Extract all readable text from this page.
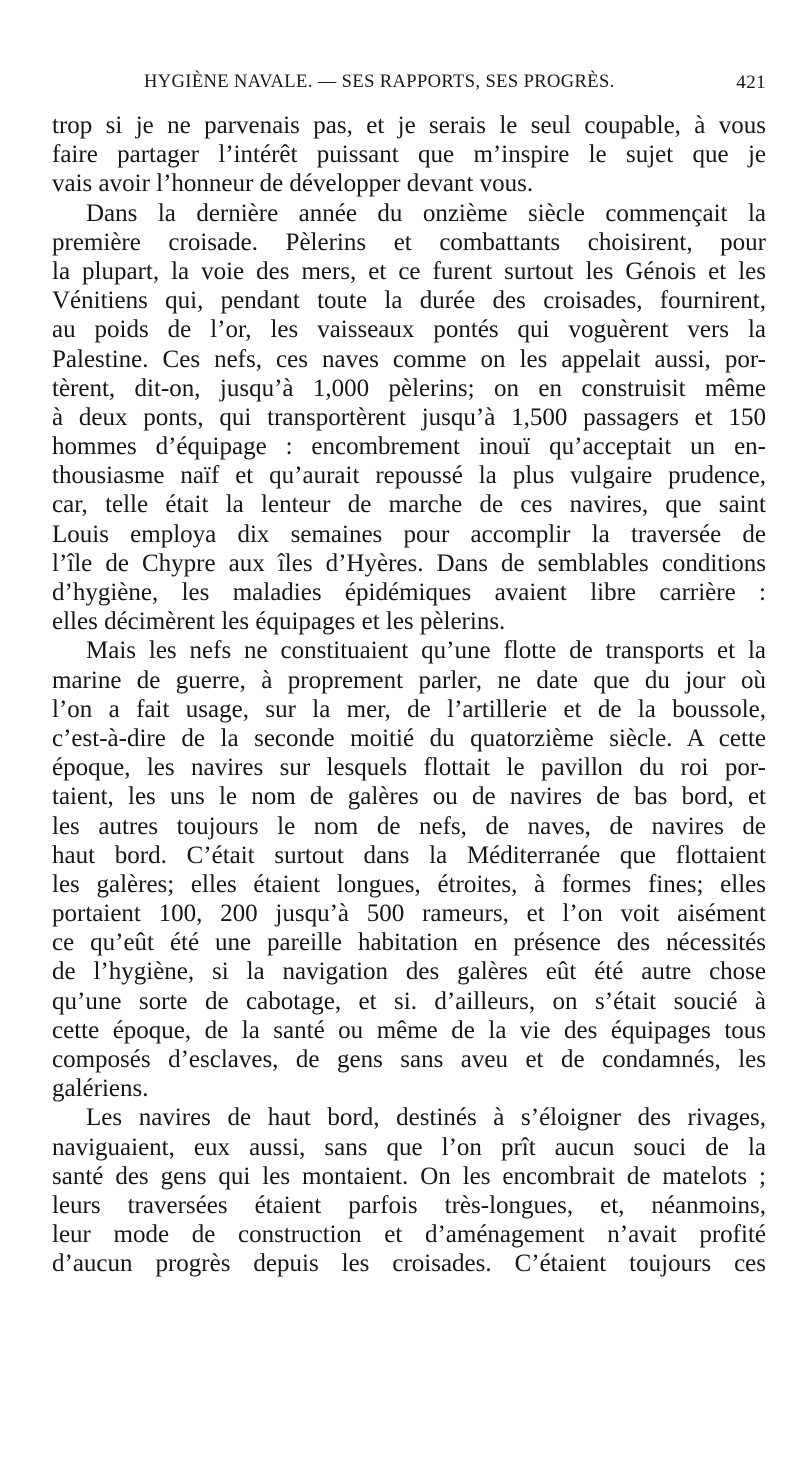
HYGIÈNE NAVALE. — SES RAPPORTS, SES PROGRÈS.	421
trop si je ne parvenais pas, et je serais le seul coupable, à vous
faire partager l’intérêt puissant que m’inspire le sujet que je
vais avoir l’honneur de développer devant vous.
Dans la dernière année du onzième siècle commençait la
première croisade. Pèlerins et combattants choisirent, pour
la plupart, la voie des mers, et ce furent surtout les Génois et les
Vénitiens qui, pendant toute la durée des croisades, fournirent,
au poids de l’or, les vaisseaux pontés qui voguèrent vers la
Palestine. Ces nefs, ces naves comme on les appelait aussi, por-
tèrent, dit-on, jusqu’à 1,000 pèlerins; on en construisit même
à deux ponts, qui transportèrent jusqu’à 1,500 passagers et 150
hommes d’équipage : encombrement inouï qu’acceptait un en-
thousiasme naïf et qu’aurait repoussé la plus vulgaire prudence,
car, telle était la lenteur de marche de ces navires, que saint
Louis employa dix semaines pour accomplir la traversée de
l’île de Chypre aux îles d’Hyères. Dans de semblables conditions
d’hygiène, les maladies épidémiques avaient libre carrière :
elles décimèrent les équipages et les pèlerins.
Mais les nefs ne constituaient qu’une flotte de transports et la
marine de guerre, à proprement parler, ne date que du jour où
l’on a fait usage, sur la mer, de l’artillerie et de la boussole,
c’est-à-dire de la seconde moitié du quatorzième siècle. A cette
époque, les navires sur lesquels flottait le pavillon du roi por-
taient, les uns le nom de galères ou de navires de bas bord, et
les autres toujours le nom de nefs, de naves, de navires de
haut bord. C’était surtout dans la Méditerranée que flottaient
les galères; elles étaient longues, étroites, à formes fines; elles
portaient 100, 200 jusqu’à 500 rameurs, et l’on voit aisément
ce qu’eût été une pareille habitation en présence des nécessités
de l’hygiène, si la navigation des galères eût été autre chose
qu’une sorte de cabotage, et si. d’ailleurs, on s’était soucié à
cette époque, de la santé ou même de la vie des équipages tous
composés d’esclaves, de gens sans aveu et de condamnés, les
galériens.
Les navires de haut bord, destinés à s’éloigner des rivages,
naviguaient, eux aussi, sans que l’on prît aucun souci de la
santé des gens qui les montaient. On les encombrait de matelots ;
leurs traversées étaient parfois très-longues, et, néanmoins,
leur mode de construction et d’aménagement n’avait profité
d’aucun progrès depuis les croisades. C’étaient toujours ces
